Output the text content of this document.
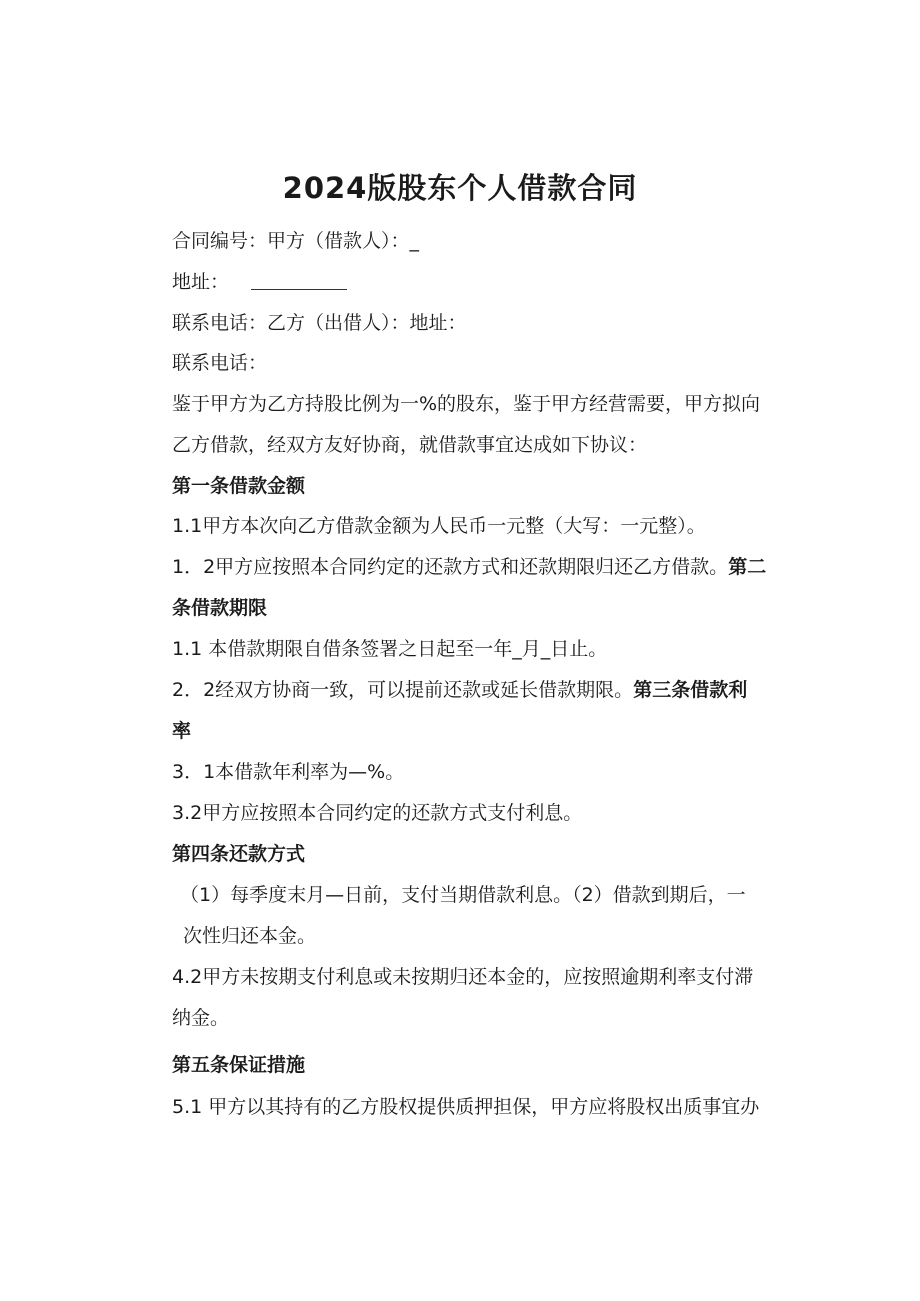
2024版股东个人借款合同
合同编号：甲方（借款人）：_
地址：
联系电话：乙方（出借人）：地址：
联系电话：
鉴于甲方为乙方持股比例为一%的股东，鉴于甲方经营需要，甲方拟向
乙方借款，经双方友好协商，就借款事宜达成如下协议：
第一条借款金额
1.1甲方本次向乙方借款金额为人民币一元整（大写：一元整）。
1．2甲方应按照本合同约定的还款方式和还款期限归还乙方借款。第二
条借款期限
1.1 本借款期限自借条签署之日起至一年_月_日止。
2．2经双方协商一致，可以提前还款或延长借款期限。第三条借款利
率
3．1本借款年利率为—%。
3.2甲方应按照本合同约定的还款方式支付利息。
第四条还款方式
（1）每季度末月—日前，支付当期借款利息。（2）借款到期后，一
次性归还本金。
4.2甲方未按期支付利息或未按期归还本金的，应按照逾期利率支付滞
纳金。
第五条保证措施
5.1 甲方以其持有的乙方股权提供质押担保，甲方应将股权出质事宜办
